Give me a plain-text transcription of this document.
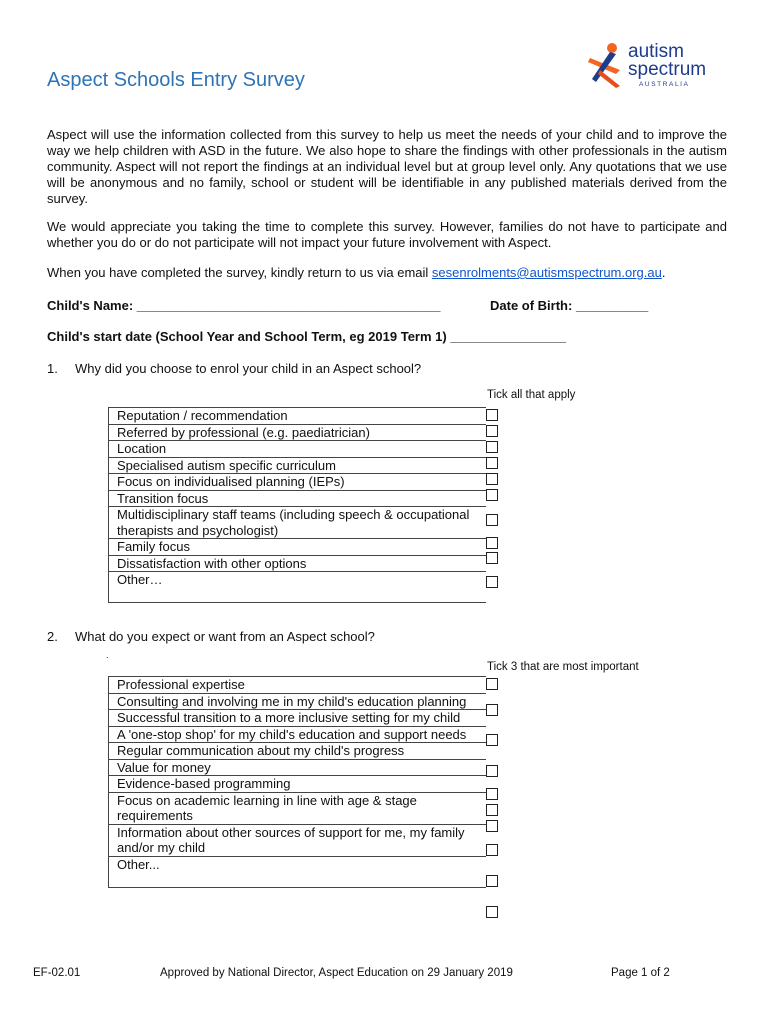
Aspect Schools Entry Survey
autism
spectrum
AUSTRALIA

Aspect will use the information collected from this survey to help us meet the needs of your child and to improve the way we help children with ASD in the future. We also hope to share the findings with other professionals in the autism community. Aspect will not report the findings at an individual level but at group level only. Any quotations that we use will be anonymous and no family, school or student will be identifiable in any published materials derived from the survey.

We would appreciate you taking the time to complete this survey. However, families do not have to participate and whether you do or do not participate will not impact your future involvement with Aspect.

When you have completed the survey, kindly return to us via email sesenrolments@autismspectrum.org.au.

Child's Name: __________________________________________	Date of Birth: __________
Child's start date (School Year and School Term, eg 2019 Term 1) ________________
1. Why did you choose to enrol your child in an Aspect school?
Tick all that apply
Reputation / recommendation
Referred by professional (e.g. paediatrician)
Location
Specialised autism specific curriculum
Focus on individualised planning (IEPs)
Transition focus
Multidisciplinary staff teams (including speech & occupational therapists and psychologist)
Family focus
Dissatisfaction with other options
Other…
2. What do you expect or want from an Aspect school?
.
Tick 3 that are most important
Professional expertise
Consulting and involving me in my child's education planning
Successful transition to a more inclusive setting for my child
A 'one-stop shop' for my child's education and support needs
Regular communication about my child's progress
Value for money
Evidence-based programming
Focus on academic learning in line with age & stage requirements
Information about other sources of support for me, my family and/or my child
Other...
EF-02.01	Approved by National Director, Aspect Education on 29 January 2019	Page 1 of 2
